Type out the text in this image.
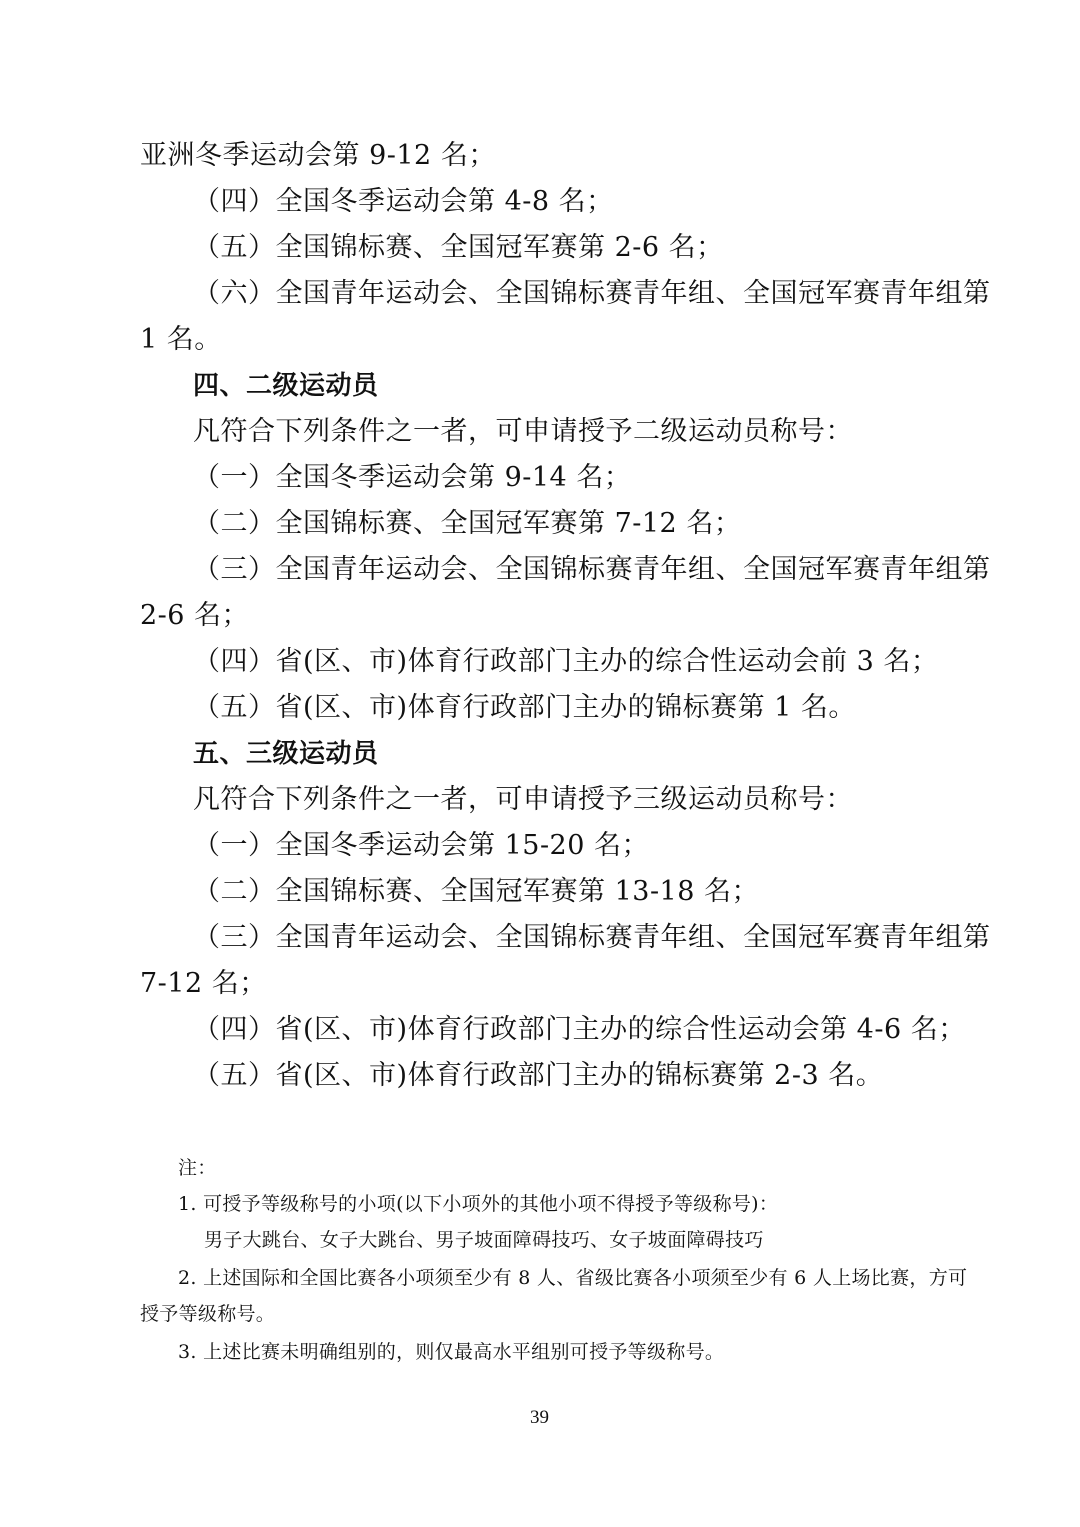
亚洲冬季运动会第 9-12 名；
（四）全国冬季运动会第 4-8 名；
（五）全国锦标赛、全国冠军赛第 2-6 名；
（六）全国青年运动会、全国锦标赛青年组、全国冠军赛青年组第
1 名。
四、二级运动员
凡符合下列条件之一者，可申请授予二级运动员称号：
（一）全国冬季运动会第 9-14 名；
（二）全国锦标赛、全国冠军赛第 7-12 名；
（三）全国青年运动会、全国锦标赛青年组、全国冠军赛青年组第
2-6 名；
（四）省(区、市)体育行政部门主办的综合性运动会前 3 名；
（五）省(区、市)体育行政部门主办的锦标赛第 1 名。
五、三级运动员
凡符合下列条件之一者，可申请授予三级运动员称号：
（一）全国冬季运动会第 15-20 名；
（二）全国锦标赛、全国冠军赛第 13-18 名；
（三）全国青年运动会、全国锦标赛青年组、全国冠军赛青年组第
7-12 名；
（四）省(区、市)体育行政部门主办的综合性运动会第 4-6 名；
（五）省(区、市)体育行政部门主办的锦标赛第 2-3 名。
注：
1. 可授予等级称号的小项(以下小项外的其他小项不得授予等级称号)：
男子大跳台、女子大跳台、男子坡面障碍技巧、女子坡面障碍技巧
2. 上述国际和全国比赛各小项须至少有 8 人、省级比赛各小项须至少有 6 人上场比赛，方可
授予等级称号。
3. 上述比赛未明确组别的，则仅最高水平组别可授予等级称号。
39
